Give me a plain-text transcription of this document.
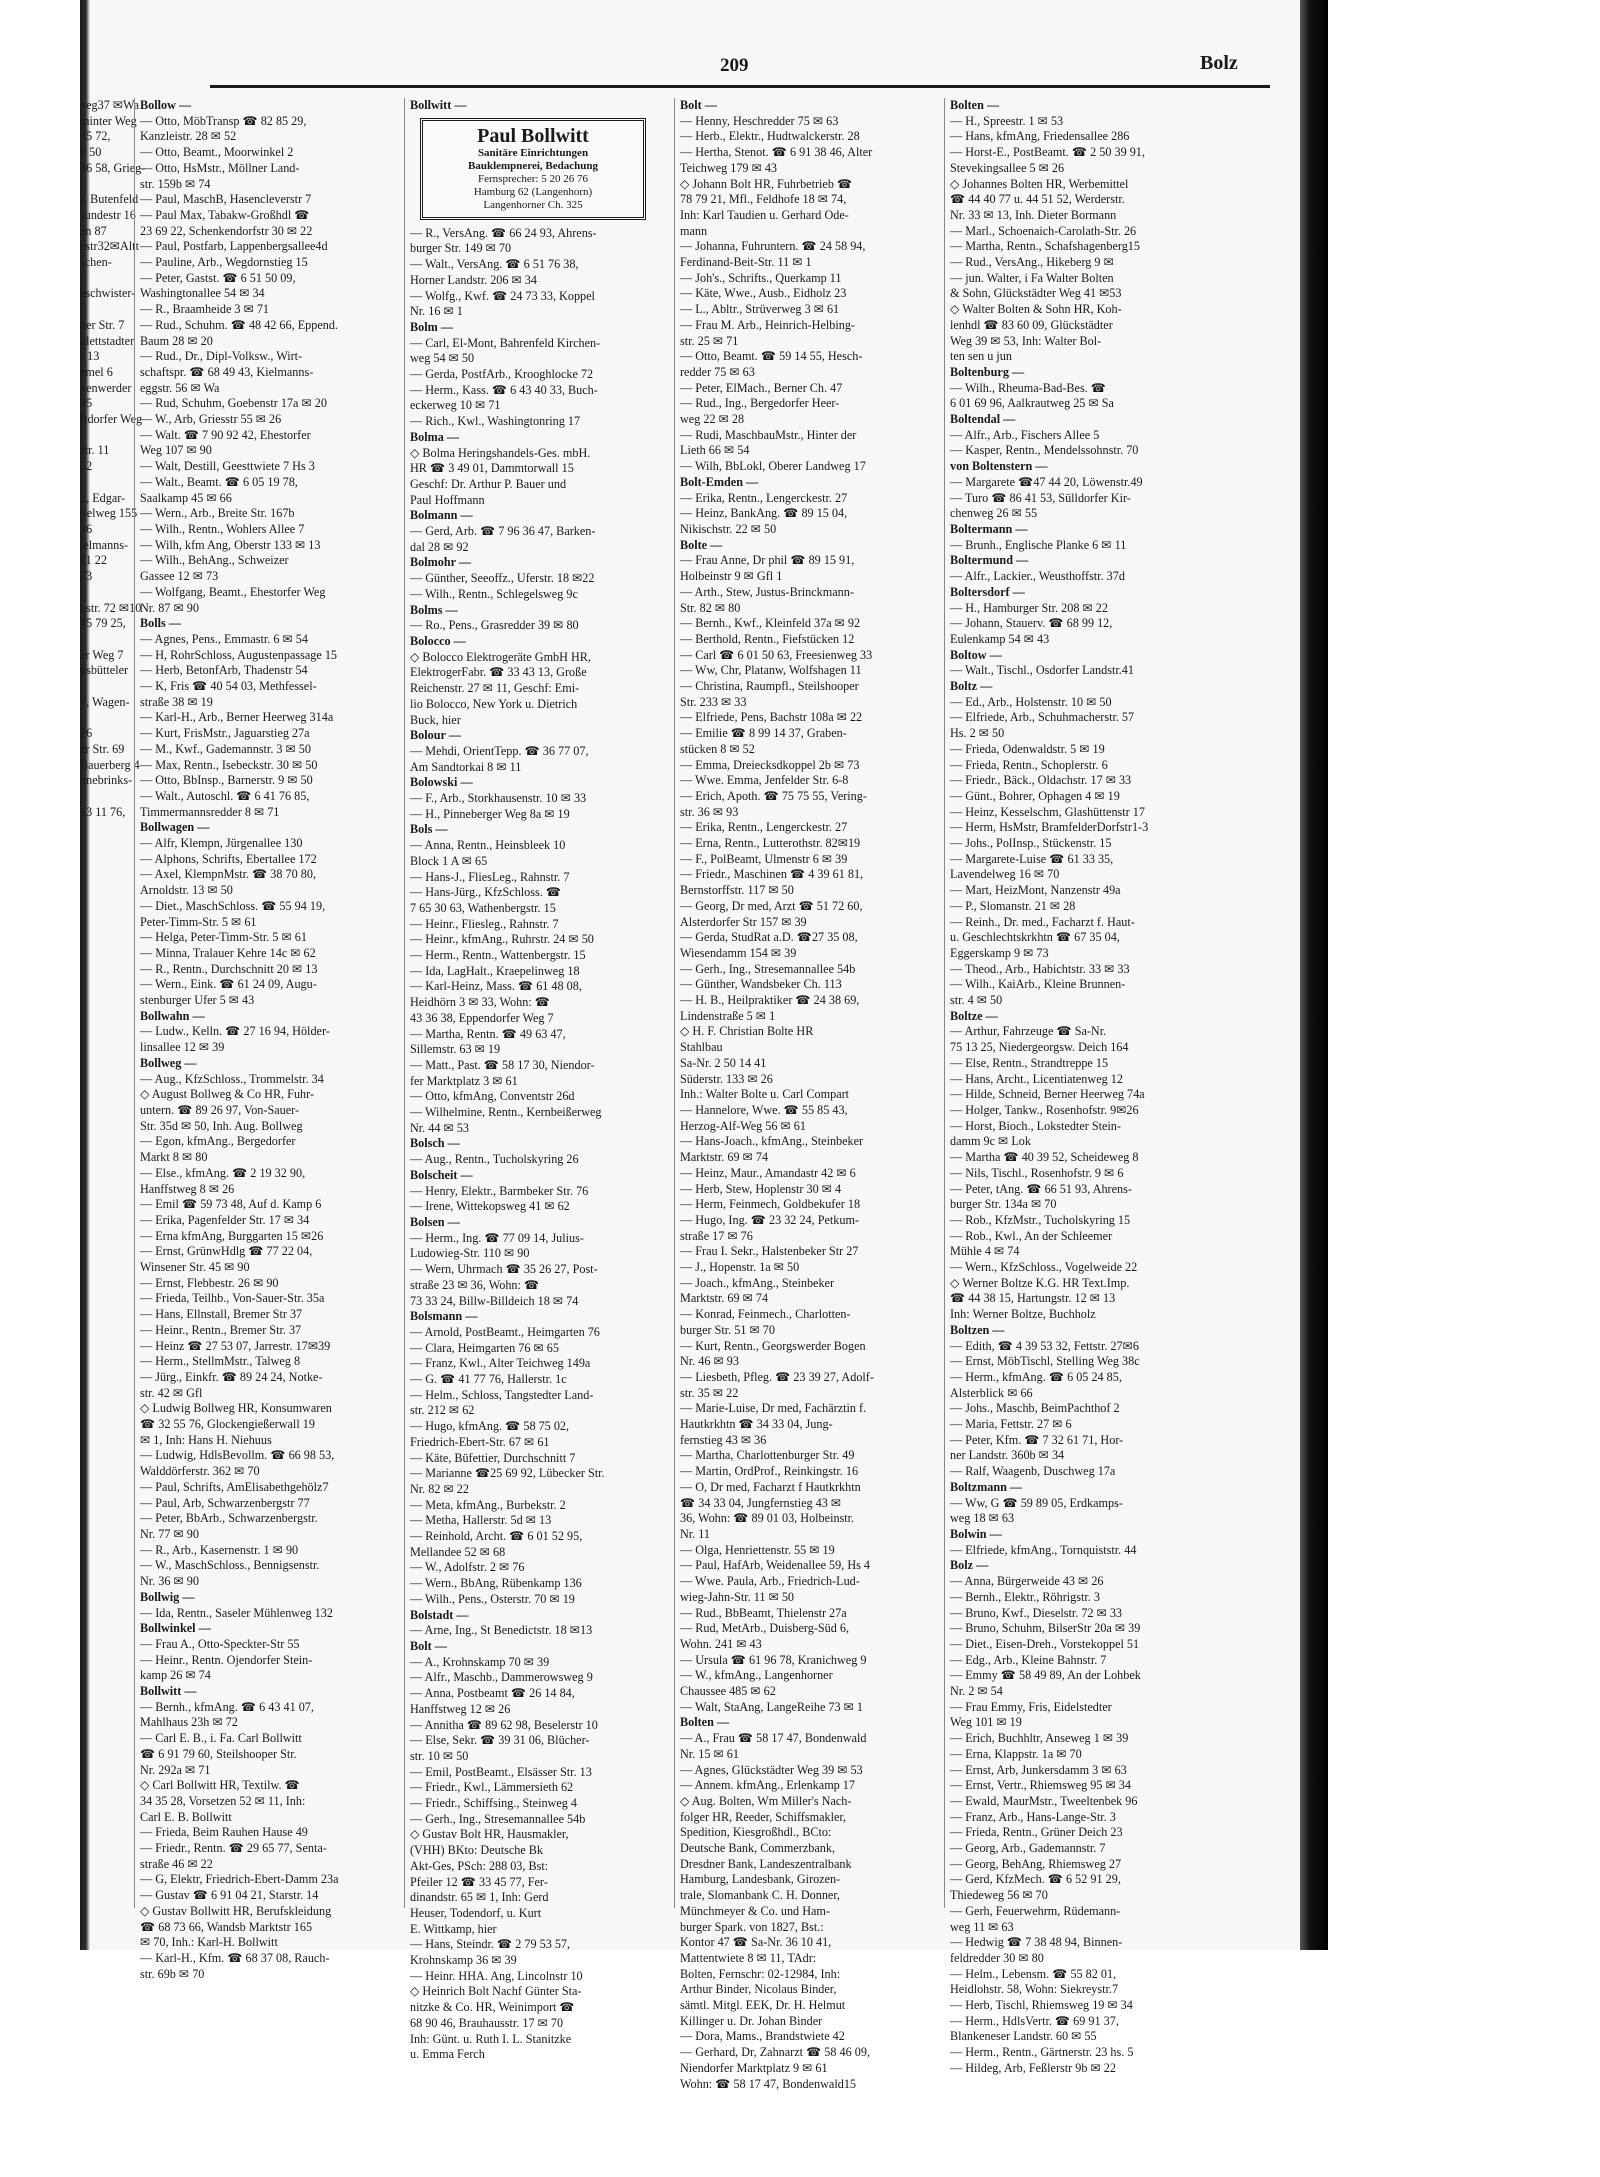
veg37 ✉Wa
minter Weg
45 72,
7 50
36 58, Grieg-

), Butenfeld
sundestr 16
en 87
estr32✉Altt
schen-

eschwister-

ner Str. 7
hlettstadter
r 13
emel 6
kenwerder
95
Itdorfer Weg

str. 11
62

2, Edgar-
ttelweg 155
36
ielmanns-
11 22
73

hstr. 72 ✉10
45 79 25,

er Weg 7
nsbütteler

7, Wagen-

26
er Str. 69
Bauerberg 4
nnebrinks-

13 11 76,
209	Bolz
Bollow —
— Otto, MöbTransp ☎ 82 85 29,
Kanzleistr. 28 ✉ 52
— Otto, Beamt., Moorwinkel 2
— Otto, HsMstr., Möllner Land-
str. 159b ✉ 74
— Paul, MaschB, Hasencleverstr 7
— Paul Max, Tabakw-Großhdl ☎
23 69 22, Schenkendorfstr 30 ✉ 22
— Paul, Postfarb, Lappenbergsallee4d
— Pauline, Arb., Wegdornstieg 15
— Peter, Gastst. ☎ 6 51 50 09,
Washingtonallee 54 ✉ 34
— R., Braamheide 3 ✉ 71
— Rud., Schuhm. ☎ 48 42 66, Eppend.
Baum 28 ✉ 20
— Rud., Dr., Dipl-Volksw., Wirt-
schaftspr. ☎ 68 49 43, Kielmanns-
eggstr. 56 ✉ Wa
— Rud, Schuhm, Goebenstr 17a ✉ 20
— W., Arb, Griesstr 55 ✉ 26
— Walt. ☎ 7 90 92 42, Ehestorfer
Weg 107 ✉ 90
— Walt, Destill, Geesttwiete 7 Hs 3
— Walt., Beamt. ☎ 6 05 19 78,
Saalkamp 45 ✉ 66
— Wern., Arb., Breite Str. 167b
— Wilh., Rentn., Wohlers Allee 7
— Wilh, kfm Ang, Oberstr 133 ✉ 13
— Wilh., BehAng., Schweizer
Gassee 12 ✉ 73
— Wolfgang, Beamt., Ehestorfer Weg
Nr. 87 ✉ 90
Bolls —
— Agnes, Pens., Emmastr. 6 ✉ 54
— H, RohrSchloss, Augustenpassage 15
— Herb, BetonfArb, Thadenstr 54
— K, Fris ☎ 40 54 03, Methfessel-
straße 38 ✉ 19
— Karl-H., Arb., Berner Heerweg 314a
— Kurt, FrisMstr., Jaguarstieg 27a
— M., Kwf., Gademannstr. 3 ✉ 50
— Max, Rentn., Isebeckstr. 30 ✉ 50
— Otto, BbInsp., Barnerstr. 9 ✉ 50
— Walt., Autoschl. ☎ 6 41 76 85,
Timmermannsredder 8 ✉ 71
Bollwagen —
— Alfr, Klempn, Jürgenallee 130
— Alphons, Schrifts, Ebertallee 172
— Axel, KlempnMstr. ☎ 38 70 80,
Arnoldstr. 13 ✉ 50
— Diet., MaschSchloss. ☎ 55 94 19,
Peter-Timm-Str. 5 ✉ 61
— Helga, Peter-Timm-Str. 5 ✉ 61
— Minna, Tralauer Kehre 14c ✉ 62
— R., Rentn., Durchschnitt 20 ✉ 13
— Wern., Eink. ☎ 61 24 09, Augu-
stenburger Ufer 5 ✉ 43
Bollwahn —
— Ludw., Kelln. ☎ 27 16 94, Hölder-
linsallee 12 ✉ 39
Bollweg —
— Aug., KfzSchloss., Trommelstr. 34
◇ August Bollweg & Co HR, Fuhr-
untern. ☎ 89 26 97, Von-Sauer-
Str. 35d ✉ 50, Inh. Aug. Bollweg
— Egon, kfmAng., Bergedorfer
Markt 8 ✉ 80
— Else., kfmAng. ☎ 2 19 32 90,
Hanffstweg 8 ✉ 26
— Emil ☎ 59 73 48, Auf d. Kamp 6
— Erika, Pagenfelder Str. 17 ✉ 34
— Erna kfmAng, Burggarten 15 ✉26
— Ernst, GrünwHdlg ☎ 77 22 04,
Winsener Str. 45 ✉ 90
— Ernst, Flebbestr. 26 ✉ 90
— Frieda, Teilhb., Von-Sauer-Str. 35a
— Hans, Ellnstall, Bremer Str 37
— Heinr., Rentn., Bremer Str. 37
— Heinz ☎ 27 53 07, Jarrestr. 17✉39
— Herm., StellmMstr., Talweg 8
— Jürg., Einkfr. ☎ 89 24 24, Notke-
str. 42 ✉ Gfl
◇ Ludwig Bollweg HR, Konsumwaren
☎ 32 55 76, Glockengießerwall 19
✉ 1, Inh: Hans H. Niehuus
— Ludwig, HdlsBevollm. ☎ 66 98 53,
Walddörferstr. 362 ✉ 70
— Paul, Schrifts, AmElisabethgehölz7
— Paul, Arb, Schwarzenbergstr 77
— Peter, BbArb., Schwarzenbergstr.
Nr. 77 ✉ 90
— R., Arb., Kasernenstr. 1 ✉ 90
— W., MaschSchloss., Bennigsenstr.
Nr. 36 ✉ 90
Bollwig —
— Ida, Rentn., Saseler Mühlenweg 132
Bollwinkel —
— Frau A., Otto-Speckter-Str 55
— Heinr., Rentn. Ojendorfer Stein-
kamp 26 ✉ 74
Bollwitt —
— Bernh., kfmAng. ☎ 6 43 41 07,
Mahlhaus 23h ✉ 72
— Carl E. B., i. Fa. Carl Bollwitt
☎ 6 91 79 60, Steilshooper Str.
Nr. 292a ✉ 71
◇ Carl Bollwitt HR, Textilw. ☎
34 35 28, Vorsetzen 52 ✉ 11, Inh:
Carl E. B. Bollwitt
— Frieda, Beim Rauhen Hause 49
— Friedr., Rentn. ☎ 29 65 77, Senta-
straße 46 ✉ 22
— G, Elektr, Friedrich-Ebert-Damm 23a
— Gustav ☎ 6 91 04 21, Starstr. 14
◇ Gustav Bollwitt HR, Berufskleidung
☎ 68 73 66, Wandsb Marktstr 165
✉ 70, Inh.: Karl-H. Bollwitt
— Karl-H., Kfm. ☎ 68 37 08, Rauch-
str. 69b ✉ 70
Bollwitt —
Paul Bollwitt
Sanitäre Einrichtungen
Bauklempnerei, Bedachung
Fernsprecher: 5 20 26 76
Hamburg 62 (Langenhorn)
Langenhorner Ch. 325
— R., VersAng. ☎ 66 24 93, Ahrens-
burger Str. 149 ✉ 70
— Walt., VersAng. ☎ 6 51 76 38,
Horner Landstr. 206 ✉ 34
— Wolfg., Kwf. ☎ 24 73 33, Koppel
Nr. 16 ✉ 1
Bolm —
— Carl, El-Mont, Bahrenfeld Kirchen-
weg 54 ✉ 50
— Gerda, PostfArb., Krooghlocke 72
— Herm., Kass. ☎ 6 43 40 33, Buch-
eckerweg 10 ✉ 71
— Rich., Kwl., Washingtonring 17
Bolma —
◇ Bolma Heringshandels-Ges. mbH.
HR ☎ 3 49 01, Dammtorwall 15
Geschf: Dr. Arthur P. Bauer und
Paul Hoffmann
Bolmann —
— Gerd, Arb. ☎ 7 96 36 47, Barken-
dal 28 ✉ 92
Bolmohr —
— Günther, Seeoffz., Uferstr. 18 ✉22
— Wilh., Rentn., Schlegelsweg 9c
Bolms —
— Ro., Pens., Grasredder 39 ✉ 80
Bolocco —
◇ Bolocco Elektrogeräte GmbH HR,
ElektrogerFabr. ☎ 33 43 13, Große
Reichenstr. 27 ✉ 11, Geschf: Emi-
lio Bolocco, New York u. Dietrich
Buck, hier
Bolour —
— Mehdi, OrientTepp. ☎ 36 77 07,
Am Sandtorkai 8 ✉ 11
Bolowski —
— F., Arb., Storkhausenstr. 10 ✉ 33
— H., Pinneberger Weg 8a ✉ 19
Bols —
— Anna, Rentn., Heinsbleek 10
Block 1 A ✉ 65
— Hans-J., FliesLeg., Rahnstr. 7
— Hans-Jürg., KfzSchloss. ☎
7 65 30 63, Wathenbergstr. 15
— Heinr., Fliesleg., Rahnstr. 7
— Heinr., kfmAng., Ruhrstr. 24 ✉ 50
— Herm., Rentn., Wattenbergstr. 15
— Ida, LagHalt., Kraepelinweg 18
— Karl-Heinz, Mass. ☎ 61 48 08,
Heidhörn 3 ✉ 33, Wohn: ☎
43 36 38, Eppendorfer Weg 7
— Martha, Rentn. ☎ 49 63 47,
Sillemstr. 63 ✉ 19
— Matt., Past. ☎ 58 17 30, Niendor-
fer Marktplatz 3 ✉ 61
— Otto, kfmAng, Conventstr 26d
— Wilhelmine, Rentn., Kernbeißerweg
Nr. 44 ✉ 53
Bolsch —
— Aug., Rentn., Tucholskyring 26
Bolscheit —
— Henry, Elektr., Barmbeker Str. 76
— Irene, Wittekopsweg 41 ✉ 62
Bolsen —
— Herm., Ing. ☎ 77 09 14, Julius-
Ludowieg-Str. 110 ✉ 90
— Wern, Uhrmach ☎ 35 26 27, Post-
straße 23 ✉ 36, Wohn: ☎
73 33 24, Billw-Billdeich 18 ✉ 74
Bolsmann —
— Arnold, PostBeamt., Heimgarten 76
— Clara, Heimgarten 76 ✉ 65
— Franz, Kwl., Alter Teichweg 149a
— G. ☎ 41 77 76, Hallerstr. 1c
— Helm., Schloss, Tangstedter Land-
str. 212 ✉ 62
— Hugo, kfmAng. ☎ 58 75 02,
Friedrich-Ebert-Str. 67 ✉ 61
— Käte, Büfettier, Durchschnitt 7
— Marianne ☎25 69 92, Lübecker Str.
Nr. 82 ✉ 22
— Meta, kfmAng., Burbekstr. 2
— Metha, Hallerstr. 5d ✉ 13
— Reinhold, Archt. ☎ 6 01 52 95,
Mellandee 52 ✉ 68
— W., Adolfstr. 2 ✉ 76
— Wern., BbAng, Rübenkamp 136
— Wilh., Pens., Osterstr. 70 ✉ 19
Bolstadt —
— Arne, Ing., St Benedictstr. 18 ✉13
Bolt —
— A., Krohnskamp 70 ✉ 39
— Alfr., Maschb., Dammerowsweg 9
— Anna, Postbeamt ☎ 26 14 84,
Hanffstweg 12 ✉ 26
— Annitha ☎ 89 62 98, Beselerstr 10
— Else, Sekr. ☎ 39 31 06, Blücher-
str. 10 ✉ 50
— Emil, PostBeamt., Elsässer Str. 13
— Friedr., Kwl., Lämmersieth 62
— Friedr., Schiffsing., Steinweg 4
— Gerh., Ing., Stresemannallee 54b
◇ Gustav Bolt HR, Hausmakler,
(VHH) BKto: Deutsche Bk
Akt-Ges, PSch: 288 03, Bst:
Pfeiler 12 ☎ 33 45 77, Fer-
dinandstr. 65 ✉ 1, Inh: Gerd
Heuser, Todendorf, u. Kurt
E. Wittkamp, hier
— Hans, Steindr. ☎ 2 79 53 57,
Krohnskamp 36 ✉ 39
— Heinr. HHA. Ang, Lincolnstr 10
◇ Heinrich Bolt Nachf Günter Sta-
nitzke & Co. HR, Weinimport ☎
68 90 46, Brauhausstr. 17 ✉ 70
Inh: Günt. u. Ruth I. L. Stanitzke
u. Emma Ferch
Bolt —
— Henny, Heschredder 75 ✉ 63
— Herb., Elektr., Hudtwalckerstr. 28
— Hertha, Stenot. ☎ 6 91 38 46, Alter
Teichweg 179 ✉ 43
◇ Johann Bolt HR, Fuhrbetrieb ☎
78 79 21, Mfl., Feldhofe 18 ✉ 74,
Inh: Karl Taudien u. Gerhard Ode-
mann
— Johanna, Fuhruntern. ☎ 24 58 94,
Ferdinand-Beit-Str. 11 ✉ 1
— Joh's., Schrifts., Querkamp 11
— Käte, Wwe., Ausb., Eidholz 23
— L., Abltr., Strüverweg 3 ✉ 61
— Frau M. Arb., Heinrich-Helbing-
str. 25 ✉ 71
— Otto, Beamt. ☎ 59 14 55, Hesch-
redder 75 ✉ 63
— Peter, ElMach., Berner Ch. 47
— Rud., Ing., Bergedorfer Heer-
weg 22 ✉ 28
— Rudi, MaschbauMstr., Hinter der
Lieth 66 ✉ 54
— Wilh, BbLokl, Oberer Landweg 17
Bolt-Emden —
— Erika, Rentn., Lengerckestr. 27
— Heinz, BankAng. ☎ 89 15 04,
Nikischstr. 22 ✉ 50
Bolte —
— Frau Anne, Dr phil ☎ 89 15 91,
Holbeinstr 9 ✉ Gfl 1
— Arth., Stew, Justus-Brinckmann-
Str. 82 ✉ 80
— Bernh., Kwf., Kleinfeld 37a ✉ 92
— Berthold, Rentn., Fiefstücken 12
— Carl ☎ 6 01 50 63, Freesienweg 33
— Ww, Chr, Platanw, Wolfshagen 11
— Christina, Raumpfl., Steilshooper
Str. 233 ✉ 33
— Elfriede, Pens, Bachstr 108a ✉ 22
— Emilie ☎ 8 99 14 37, Graben-
stücken 8 ✉ 52
— Emma, Dreiecksdkoppel 2b ✉ 73
— Wwe. Emma, Jenfelder Str. 6-8
— Erich, Apoth. ☎ 75 75 55, Vering-
str. 36 ✉ 93
— Erika, Rentn., Lengerckestr. 27
— Erna, Rentn., Lutterothstr. 82✉19
— F., PolBeamt, Ulmenstr 6 ✉ 39
— Friedr., Maschinen ☎ 4 39 61 81,
Bernstorffstr. 117 ✉ 50
— Georg, Dr med, Arzt ☎ 51 72 60,
Alsterdorfer Str 157 ✉ 39
— Gerda, StudRat a.D. ☎27 35 08,
Wiesendamm 154 ✉ 39
— Gerh., Ing., Stresemannallee 54b
— Günther, Wandsbeker Ch. 113
— H. B., Heilpraktiker ☎ 24 38 69,
Lindenstraße 5 ✉ 1
◇ H. F. Christian Bolte HR
Stahlbau
Sa-Nr. 2 50 14 41
Süderstr. 133 ✉ 26
Inh.: Walter Bolte u. Carl Compart
— Hannelore, Wwe. ☎ 55 85 43,
Herzog-Alf-Weg 56 ✉ 61
— Hans-Joach., kfmAng., Steinbeker
Marktstr. 69 ✉ 74
— Heinz, Maur., Amandastr 42 ✉ 6
— Herb, Stew, Hoplenstr 30 ✉ 4
— Herm, Feinmech, Goldbekufer 18
— Hugo, Ing. ☎ 23 32 24, Petkum-
straße 17 ✉ 76
— Frau I. Sekr., Halstenbeker Str 27
— J., Hopenstr. 1a ✉ 50
— Joach., kfmAng., Steinbeker
Marktstr. 69 ✉ 74
— Konrad, Feinmech., Charlotten-
burger Str. 51 ✉ 70
— Kurt, Rentn., Georgswerder Bogen
Nr. 46 ✉ 93
— Liesbeth, Pfleg. ☎ 23 39 27, Adolf-
str. 35 ✉ 22
— Marie-Luise, Dr med, Fachärztin f.
Hautkrkhtn ☎ 34 33 04, Jung-
fernstieg 43 ✉ 36
— Martha, Charlottenburger Str. 49
— Martin, OrdProf., Reinkingstr. 16
— O, Dr med, Facharzt f Hautkrkhtn
☎ 34 33 04, Jungfernstieg 43 ✉
36, Wohn: ☎ 89 01 03, Holbeinstr.
Nr. 11
— Olga, Henriettenstr. 55 ✉ 19
— Paul, HafArb, Weidenallee 59, Hs 4
— Wwe. Paula, Arb., Friedrich-Lud-
wieg-Jahn-Str. 11 ✉ 50
— Rud., BbBeamt, Thielenstr 27a
— Rud, MetArb., Duisberg-Süd 6,
Wohn. 241 ✉ 43
— Ursula ☎ 61 96 78, Kranichweg 9
— W., kfmAng., Langenhorner
Chaussee 485 ✉ 62
— Walt, StaAng, LangeReihe 73 ✉ 1
Bolten —
— A., Frau ☎ 58 17 47, Bondenwald
Nr. 15 ✉ 61
— Agnes, Glückstädter Weg 39 ✉ 53
— Annem. kfmAng., Erlenkamp 17
◇ Aug. Bolten, Wm Miller's Nach-
folger HR, Reeder, Schiffsmakler,
Spedition, Kiesgroßhdl., BCto:
Deutsche Bank, Commerzbank,
Dresdner Bank, Landeszentralbank
Hamburg, Landesbank, Girozen-
trale, Slomanbank C. H. Donner,
Münchmeyer & Co. und Ham-
burger Spark. von 1827, Bst.:
Kontor 47 ☎ Sa-Nr. 36 10 41,
Mattentwiete 8 ✉ 11, TAdr:
Bolten, Fernschr: 02-12984, Inh:
Arthur Binder, Nicolaus Binder,
sämtl. Mitgl. EEK, Dr. H. Helmut
Killinger u. Dr. Johan Binder
— Dora, Mams., Brandstwiete 42
— Gerhard, Dr, Zahnarzt ☎ 58 46 09,
Niendorfer Marktplatz 9 ✉ 61
Wohn: ☎ 58 17 47, Bondenwald15
Bolten —
— H., Spreestr. 1 ✉ 53
— Hans, kfmAng, Friedensallee 286
— Horst-E., PostBeamt. ☎ 2 50 39 91,
Stevekingsallee 5 ✉ 26
◇ Johannes Bolten HR, Werbemittel
☎ 44 40 77 u. 44 51 52, Werderstr.
Nr. 33 ✉ 13, Inh. Dieter Bormann
— Marl., Schoenaich-Carolath-Str. 26
— Martha, Rentn., Schafshagenberg15
— Rud., VersAng., Hikeberg 9 ✉
— jun. Walter, i Fa Walter Bolten
& Sohn, Glückstädter Weg 41 ✉53
◇ Walter Bolten & Sohn HR, Koh-
lenhdl ☎ 83 60 09, Glückstädter
Weg 39 ✉ 53, Inh: Walter Bol-
ten sen u jun
Boltenburg —
— Wilh., Rheuma-Bad-Bes. ☎
6 01 69 96, Aalkrautweg 25 ✉ Sa
Boltendal —
— Alfr., Arb., Fischers Allee 5
— Kasper, Rentn., Mendelssohnstr. 70
von Boltenstern —
— Margarete ☎47 44 20, Löwenstr.49
— Turo ☎ 86 41 53, Sülldorfer Kir-
chenweg 26 ✉ 55
Boltermann —
— Brunh., Englische Planke 6 ✉ 11
Boltermund —
— Alfr., Lackier., Weusthoffstr. 37d
Boltersdorf —
— H., Hamburger Str. 208 ✉ 22
— Johann, Stauerv. ☎ 68 99 12,
Eulenkamp 54 ✉ 43
Boltow —
— Walt., Tischl., Osdorfer Landstr.41
Boltz —
— Ed., Arb., Holstenstr. 10 ✉ 50
— Elfriede, Arb., Schuhmacherstr. 57
Hs. 2 ✉ 50
— Frieda, Odenwaldstr. 5 ✉ 19
— Frieda, Rentn., Schoplerstr. 6
— Friedr., Bäck., Oldachstr. 17 ✉ 33
— Günt., Bohrer, Ophagen 4 ✉ 19
— Heinz, Kesselschm, Glashüttenstr 17
— Herm, HsMstr, BramfelderDorfstr1-3
— Johs., PolInsp., Stückenstr. 15
— Margarete-Luise ☎ 61 33 35,
Lavendelweg 16 ✉ 70
— Mart, HeizMont, Nanzenstr 49a
— P., Slomanstr. 21 ✉ 28
— Reinh., Dr. med., Facharzt f. Haut-
u. Geschlechtskrkhtn ☎ 67 35 04,
Eggerskamp 9 ✉ 73
— Theod., Arb., Habichtstr. 33 ✉ 33
— Wilh., KaiArb., Kleine Brunnen-
str. 4 ✉ 50
Boltze —
— Arthur, Fahrzeuge ☎ Sa-Nr.
75 13 25, Niedergeorgsw. Deich 164
— Else, Rentn., Strandtreppe 15
— Hans, Archt., Licentiatenweg 12
— Hilde, Schneid, Berner Heerweg 74a
— Holger, Tankw., Rosenhofstr. 9✉26
— Horst, Bioch., Lokstedter Stein-
damm 9c ✉ Lok
— Martha ☎ 40 39 52, Scheideweg 8
— Nils, Tischl., Rosenhofstr. 9 ✉ 6
— Peter, tAng. ☎ 66 51 93, Ahrens-
burger Str. 134a ✉ 70
— Rob., KfzMstr., Tucholskyring 15
— Rob., Kwl., An der Schleemer
Mühle 4 ✉ 74
— Wern., KfzSchloss., Vogelweide 22
◇ Werner Boltze K.G. HR Text.Imp.
☎ 44 38 15, Hartungstr. 12 ✉ 13
Inh: Werner Boltze, Buchholz
Boltzen —
— Edith, ☎ 4 39 53 32, Fettstr. 27✉6
— Ernst, MöbTischl, Stelling Weg 38c
— Herm., kfmAng. ☎ 6 05 24 85,
Alsterblick ✉ 66
— Johs., Maschb, BeimPachthof 2
— Maria, Fettstr. 27 ✉ 6
— Peter, Kfm. ☎ 7 32 61 71, Hor-
ner Landstr. 360b ✉ 34
— Ralf, Waagenb, Duschweg 17a
Boltzmann —
— Ww, G ☎ 59 89 05, Erdkamps-
weg 18 ✉ 63
Bolwin —
— Elfriede, kfmAng., Tornquiststr. 44
Bolz —
— Anna, Bürgerweide 43 ✉ 26
— Bernh., Elektr., Röhrigstr. 3
— Bruno, Kwf., Dieselstr. 72 ✉ 33
— Bruno, Schuhm, BilserStr 20a ✉ 39
— Diet., Eisen-Dreh., Vorstekoppel 51
— Edg., Arb., Kleine Bahnstr. 7
— Emmy ☎ 58 49 89, An der Lohbek
Nr. 2 ✉ 54
— Frau Emmy, Fris, Eidelstedter
Weg 101 ✉ 19
— Erich, Buchhltr, Anseweg 1 ✉ 39
— Erna, Klappstr. 1a ✉ 70
— Ernst, Arb, Junkersdamm 3 ✉ 63
— Ernst, Vertr., Rhiemsweg 95 ✉ 34
— Ewald, MaurMstr., Tweeltenbek 96
— Franz, Arb., Hans-Lange-Str. 3
— Frieda, Rentn., Grüner Deich 23
— Georg, Arb., Gademannstr. 7
— Georg, BehAng, Rhiemsweg 27
— Gerd, KfzMech. ☎ 6 52 91 29,
Thiedeweg 56 ✉ 70
— Gerh, Feuerwehrm, Rüdemann-
weg 11 ✉ 63
— Hedwig ☎ 7 38 48 94, Binnen-
feldredder 30 ✉ 80
— Helm., Lebensm. ☎ 55 82 01,
Heidlohstr. 58, Wohn: Siekreystr.7
— Herb, Tischl, Rhiemsweg 19 ✉ 34
— Herm., HdlsVertr. ☎ 69 91 37,
Blankeneser Landstr. 60 ✉ 55
— Herm., Rentn., Gärtnerstr. 23 hs. 5
— Hildeg, Arb, Feßlerstr 9b ✉ 22
